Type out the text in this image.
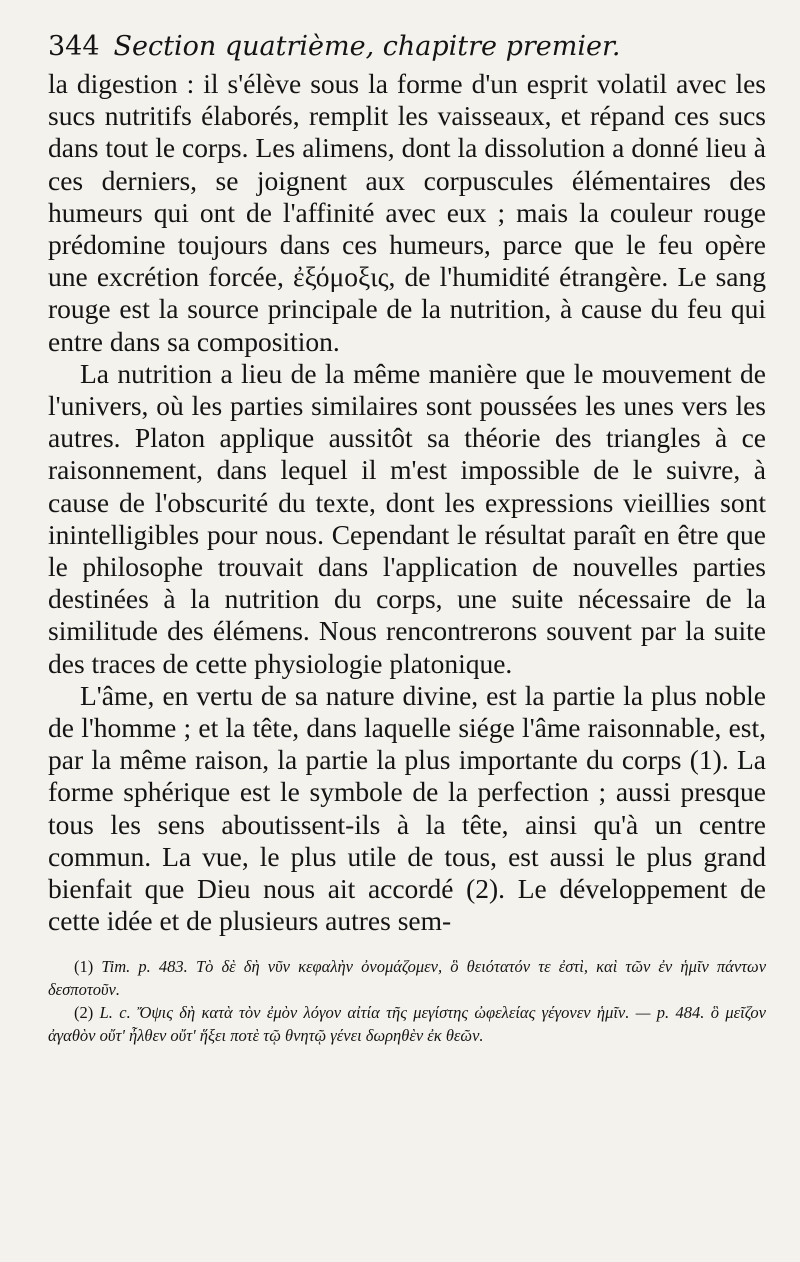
344 Section quatrième, chapitre premier.

la digestion : il s'élève sous la forme d'un esprit volatil avec les sucs nutritifs élaborés, remplit les vaisseaux, et répand ces sucs dans tout le corps. Les alimens, dont la dissolution a donné lieu à ces derniers, se joignent aux corpuscules élémentaires des humeurs qui ont de l'affinité avec eux ; mais la couleur rouge prédomine toujours dans ces humeurs, parce que le feu opère une excrétion forcée, ἐξόμοξις, de l'humidité étrangère. Le sang rouge est la source principale de la nutrition, à cause du feu qui entre dans sa composition.

La nutrition a lieu de la même manière que le mouvement de l'univers, où les parties similaires sont poussées les unes vers les autres. Platon applique aussitôt sa théorie des triangles à ce raisonnement, dans lequel il m'est impossible de le suivre, à cause de l'obscurité du texte, dont les expressions vieillies sont inintelligibles pour nous. Cependant le résultat paraît en être que le philosophe trouvait dans l'application de nouvelles parties destinées à la nutrition du corps, une suite nécessaire de la similitude des élémens. Nous rencontrerons souvent par la suite des traces de cette physiologie platonique.

L'âme, en vertu de sa nature divine, est la partie la plus noble de l'homme ; et la tête, dans laquelle siége l'âme raisonnable, est, par la même raison, la partie la plus importante du corps (1). La forme sphérique est le symbole de la perfection ; aussi presque tous les sens aboutissent-ils à la tête, ainsi qu'à un centre commun. La vue, le plus utile de tous, est aussi le plus grand bienfait que Dieu nous ait accordé (2). Le développement de cette idée et de plusieurs autres sem-

(1) Tim. p. 483. Τὸ δὲ δὴ νῦν κεφαλὴν ὀνομάζομεν, ὃ θειότατόν τε ἐστὶ, καὶ τῶν ἐν ἡμῖν πάντων δεσποτοῦν.

(2) L. c. Ὄψις δὴ κατὰ τὸν ἐμὸν λόγον αἰτία τῆς μεγίστης ὠφελείας γέγονεν ἡμῖν. — p. 484. ὃ μεῖζον ἀγαθὸν οὔτ' ἦλθεν οὔτ' ἥξει ποτὲ τῷ θνητῷ γένει δωρηθὲν ἐκ θεῶν.
